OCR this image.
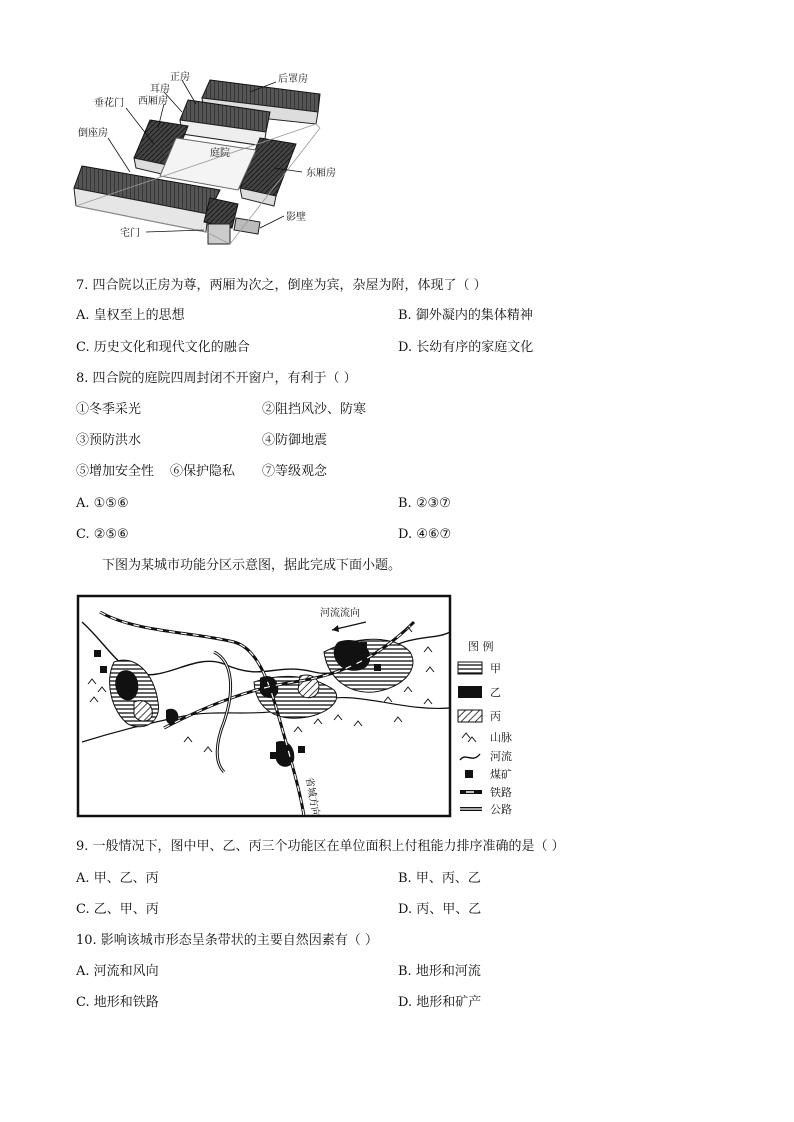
正房	后罩房
耳房
西厢房
垂花门
倒座房
庭院
东厢房
影壁
宅门
7. 四合院以正房为尊，两厢为次之，倒座为宾，杂屋为附，体现了（ ）
A. 皇权至上的思想	B. 御外凝内的集体精神
C. 历史文化和现代文化的融合	D. 长幼有序的家庭文化
8. 四合院的庭院四周封闭不开窗户，有利于（ ）
①冬季采光	②阻挡风沙、防寒
③预防洪水	④防御地震
⑤增加安全性 ⑥保护隐私 ⑦等级观念
A. ①⑤⑥	B. ②③⑦
C. ②⑤⑥	D. ④⑥⑦
下图为某城市功能分区示意图，据此完成下面小题。
河流流向
省城方向
图 例
甲
乙
丙
山脉
河流
煤矿
铁路
公路
9. 一般情况下，图中甲、乙、丙三个功能区在单位面积上付租能力排序准确的是（ ）
A. 甲、乙、丙	B. 甲、丙、乙
C. 乙、甲、丙	D. 丙、甲、乙
10. 影响该城市形态呈条带状的主要自然因素有（ ）
A. 河流和风向	B. 地形和河流
C. 地形和铁路	D. 地形和矿产
